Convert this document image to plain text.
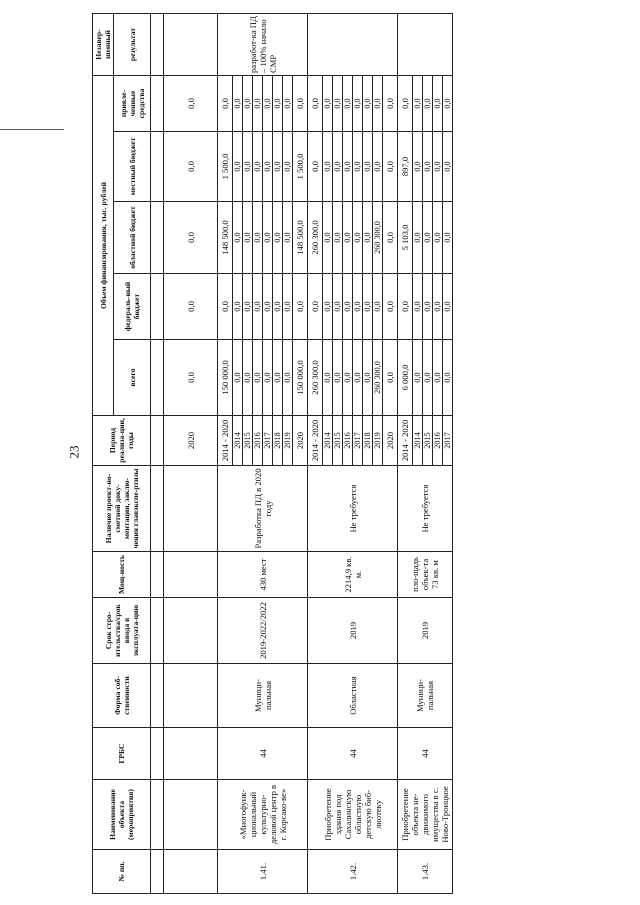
23
№ пп.	Наименование объекта (мероприятия)	ГРБС	Форма соб-ственности	Срок стро-ительства/срок ввода в эксплуата-цию	Мощ-ность	Наличие проект-но-сметной доку-ментации, заклю-чения главэкспе-ртизы	Период реализа-ции, годы	Объем финансирования, тыс. рублей					Незавер-шенный
								всего	федераль-ный бюджет	областной бюджет	местный бюджет	привле-ченные средства	результат

							2020	0,0	0,0	0,0	0,0	0,0	
1.41.	«Многофунк-циональный культурно-деловой центр в г. Корсако-ве»	44	Муници-пальная	2019-2022/2022	430 мест	Разработка ПД в 2020 году	2014 - 2020	150 000,0	0,0	148 500,0	1 500,0	0,0	разработ-ка ПД – 100% начало СМР
							2014	0,0	0,0	0,0	0,0	0,0	
							2015	0,0	0,0	0,0	0,0	0,0	
							2016	0,0	0,0	0,0	0,0	0,0	
							2017	0,0	0,0	0,0	0,0	0,0	
							2018	0,0	0,0	0,0	0,0	0,0	
							2019	0,0	0,0	0,0	0,0	0,0	
							2020	150 000,0	0,0	148 500,0	1 500,0	0,0	
1.42.	Приобретение здания под Сахалинскую областную детскую биб-лиотеку	44	Областная	2019	2214,9 кв. м.	Не требуется	2014 - 2020	260 300,0	0,0	260 300,0	0,0	0,0	
							2014	0,0	0,0	0,0	0,0	0,0	
							2015	0,0	0,0	0,0	0,0	0,0	
							2016	0,0	0,0	0,0	0,0	0,0	
							2017	0,0	0,0	0,0	0,0	0,0	
							2018	0,0	0,0	0,0	0,0	0,0	
							2019	260 300,0	0,0	260 300,0	0,0	0,0	
							2020	0,0	0,0	0,0	0,0	0,0	
1.43.	Приобретение объекта не-движимого имущества в с. Ново-Троицкое	44	Муници-пальная	2019	пло-щадь объек-та 73 кв. м	Не требуется	2014 - 2020	6 000,0	0,0	5 103,0	897,0	0,0	
							2014	0,0	0,0	0,0	0,0	0,0	
							2015	0,0	0,0	0,0	0,0	0,0	
							2016	0,0	0,0	0,0	0,0	0,0	
							2017	0,0	0,0	0,0	0,0	0,0	
